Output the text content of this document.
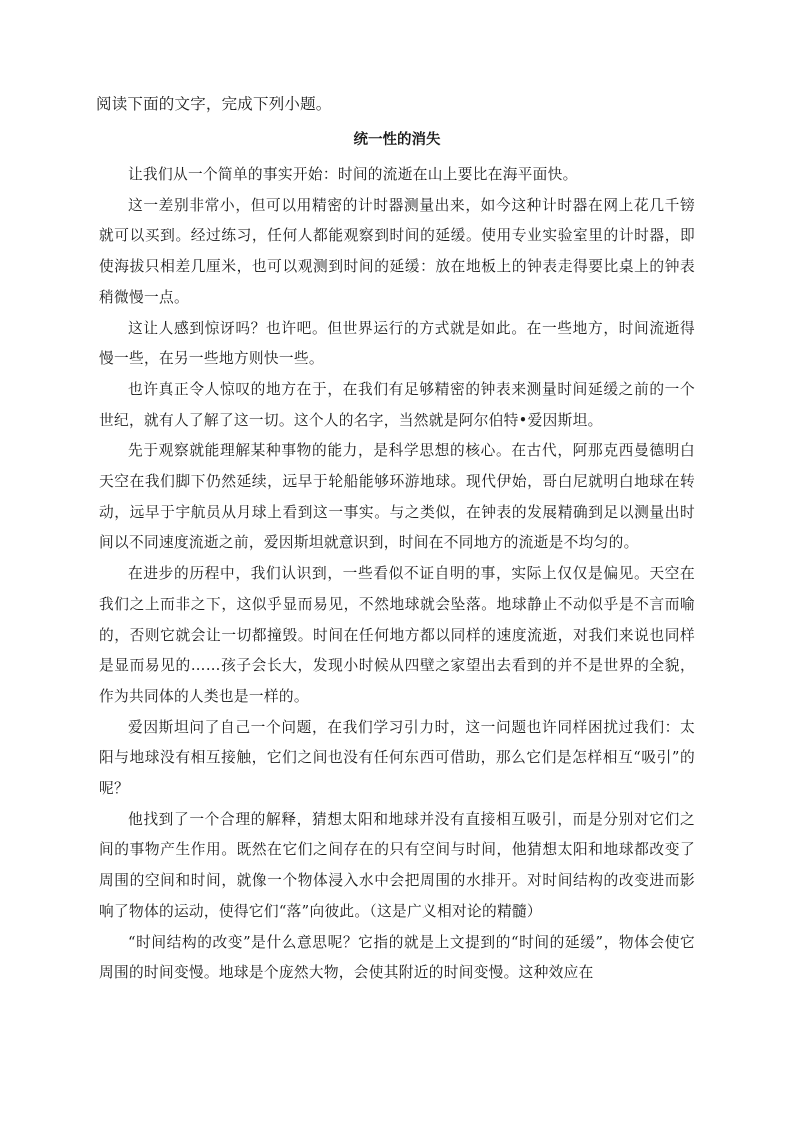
阅读下面的文字，完成下列小题。

统一性的消失

让我们从一个简单的事实开始：时间的流逝在山上要比在海平面快。

这一差别非常小，但可以用精密的计时器测量出来，如今这种计时器在网上花几千镑就可以买到。经过练习，任何人都能观察到时间的延缓。使用专业实验室里的计时器，即使海拔只相差几厘米，也可以观测到时间的延缓：放在地板上的钟表走得要比桌上的钟表稍微慢一点。

这让人感到惊讶吗？也许吧。但世界运行的方式就是如此。在一些地方，时间流逝得慢一些，在另一些地方则快一些。

也许真正令人惊叹的地方在于，在我们有足够精密的钟表来测量时间延缓之前的一个世纪，就有人了解了这一切。这个人的名字，当然就是阿尔伯特•爱因斯坦。

先于观察就能理解某种事物的能力，是科学思想的核心。在古代，阿那克西曼德明白天空在我们脚下仍然延续，远早于轮船能够环游地球。现代伊始，哥白尼就明白地球在转动，远早于宇航员从月球上看到这一事实。与之类似，在钟表的发展精确到足以测量出时间以不同速度流逝之前，爱因斯坦就意识到，时间在不同地方的流逝是不均匀的。

在进步的历程中，我们认识到，一些看似不证自明的事，实际上仅仅是偏见。天空在我们之上而非之下，这似乎显而易见，不然地球就会坠落。地球静止不动似乎是不言而喻的，否则它就会让一切都撞毁。时间在任何地方都以同样的速度流逝，对我们来说也同样是显而易见的……孩子会长大，发现小时候从四壁之家望出去看到的并不是世界的全貌，作为共同体的人类也是一样的。

爱因斯坦问了自己一个问题，在我们学习引力时，这一问题也许同样困扰过我们：太阳与地球没有相互接触，它们之间也没有任何东西可借助，那么它们是怎样相互“吸引”的呢？

他找到了一个合理的解释，猜想太阳和地球并没有直接相互吸引，而是分别对它们之间的事物产生作用。既然在它们之间存在的只有空间与时间，他猜想太阳和地球都改变了周围的空间和时间，就像一个物体浸入水中会把周围的水排开。对时间结构的改变进而影响了物体的运动，使得它们“落”向彼此。（这是广义相对论的精髓）

“时间结构的改变”是什么意思呢？它指的就是上文提到的“时间的延缓”，物体会使它周围的时间变慢。地球是个庞然大物，会使其附近的时间变慢。这种效应在
